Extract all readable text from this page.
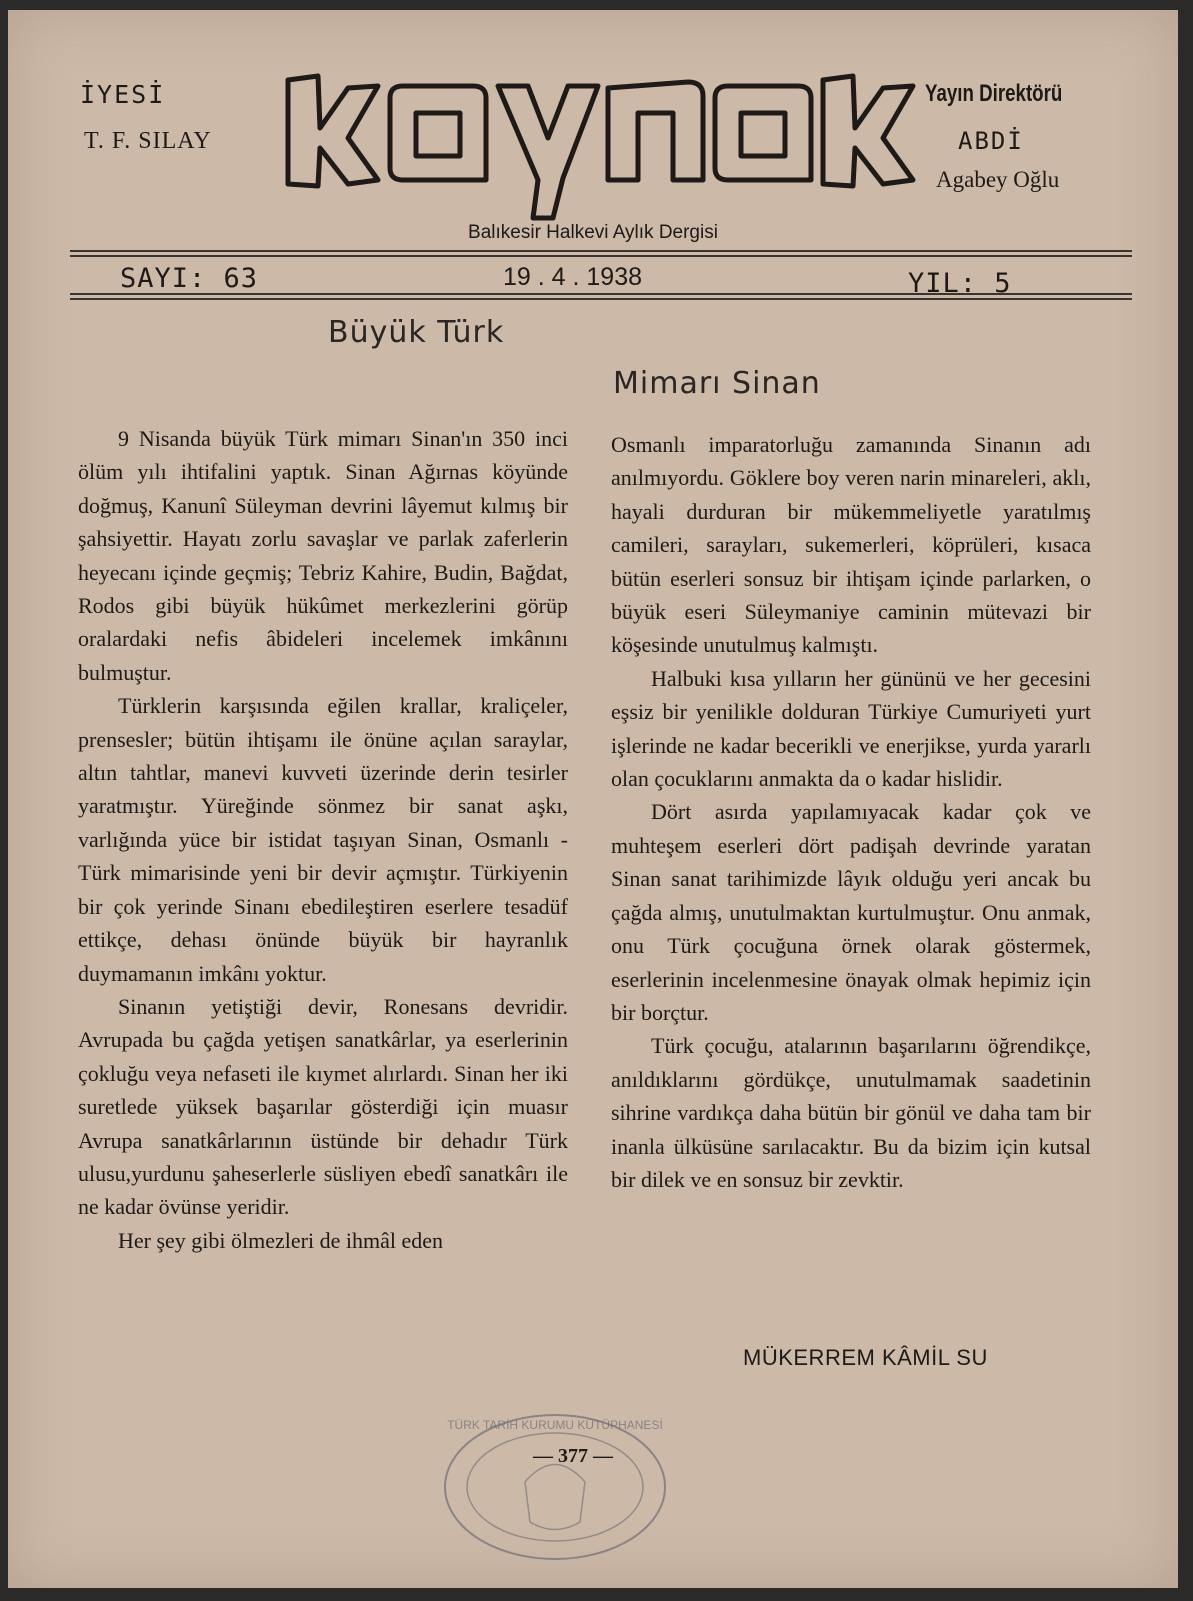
İYESİ
T. F. SILAY
kaynak
Yayın Direktörü
ABDİ
Agabey Oğlu
Balıkesir Halkevi Aylık Dergisi
SAYI: 63	19 . 4 . 1938	YIL: 5
Büyük Türk
Mimarı Sinan

9 Nisanda büyük Türk mimarı Sinan'ın 350 inci ölüm yılı ihtifalini yaptık. Sinan Ağırnas köyünde doğmuş, Kanunî Süleyman devrini lâyemut kılmış bir şahsiyettir. Hayatı zorlu savaşlar ve parlak zaferlerin heyecanı içinde geçmiş; Tebriz Kahire, Budin, Bağdat, Rodos gibi büyük hükûmet merkezlerini görüp oralardaki nefis âbideleri incelemek imkânını bulmuştur.

Türklerin karşısında eğilen krallar, kraliçeler, prensesler; bütün ihtişamı ile önüne açılan saraylar, altın tahtlar, manevi kuvveti üzerinde derin tesirler yaratmıştır. Yüreğinde sönmez bir sanat aşkı, varlığında yüce bir istidat taşıyan Sinan, Osmanlı - Türk mimarisinde yeni bir devir açmıştır. Türkiyenin bir çok yerinde Sinanı ebedileştiren eserlere tesadüf ettikçe, dehası önünde büyük bir hayranlık duymamanın imkânı yoktur.

Sinanın yetiştiği devir, Ronesans devridir. Avrupada bu çağda yetişen sanatkârlar, ya eserlerinin çokluğu veya nefaseti ile kıymet alırlardı. Sinan her iki suretlede yüksek başarılar gösterdiği için muasır Avrupa sanatkârlarının üstünde bir dehadır Türk ulusu,yurdunu şaheserlerle süsliyen ebedî sanatkârı ile ne kadar övünse yeridir.

Her şey gibi ölmezleri de ihmâl eden

Osmanlı imparatorluğu zamanında Sinanın adı anılmıyordu. Göklere boy veren narin minareleri, aklı, hayali durduran bir mükemmeliyetle yaratılmış camileri, sarayları, sukemerleri, köprüleri, kısaca bütün eserleri sonsuz bir ihtişam içinde parlarken, o büyük eseri Süleymaniye caminin mütevazi bir köşesinde unutulmuş kalmıştı.

Halbuki kısa yılların her gününü ve her gecesini eşsiz bir yenilikle dolduran Türkiye Cumuriyeti yurt işlerinde ne kadar becerikli ve enerjikse, yurda yararlı olan çocuklarını anmakta da o kadar hislidir.

Dört asırda yapılamıyacak kadar çok ve muhteşem eserleri dört padişah devrinde yaratan Sinan sanat tarihimizde lâyık olduğu yeri ancak bu çağda almış, unutulmaktan kurtulmuştur. Onu anmak, onu Türk çocuğuna örnek olarak göstermek, eserlerinin incelenmesine önayak olmak hepimiz için bir borçtur.

Türk çocuğu, atalarının başarılarını öğrendikçe, anıldıklarını gördükçe, unutulmamak saadetinin sihrine vardıkça daha bütün bir gönül ve daha tam bir inanla ülküsüne sarılacaktır. Bu da bizim için kutsal bir dilek ve en sonsuz bir zevktir.

MÜKERREM KÂMİL SU
TÜRK TARİH KURUMU KÜTÜPHANESİ
— 377 —
